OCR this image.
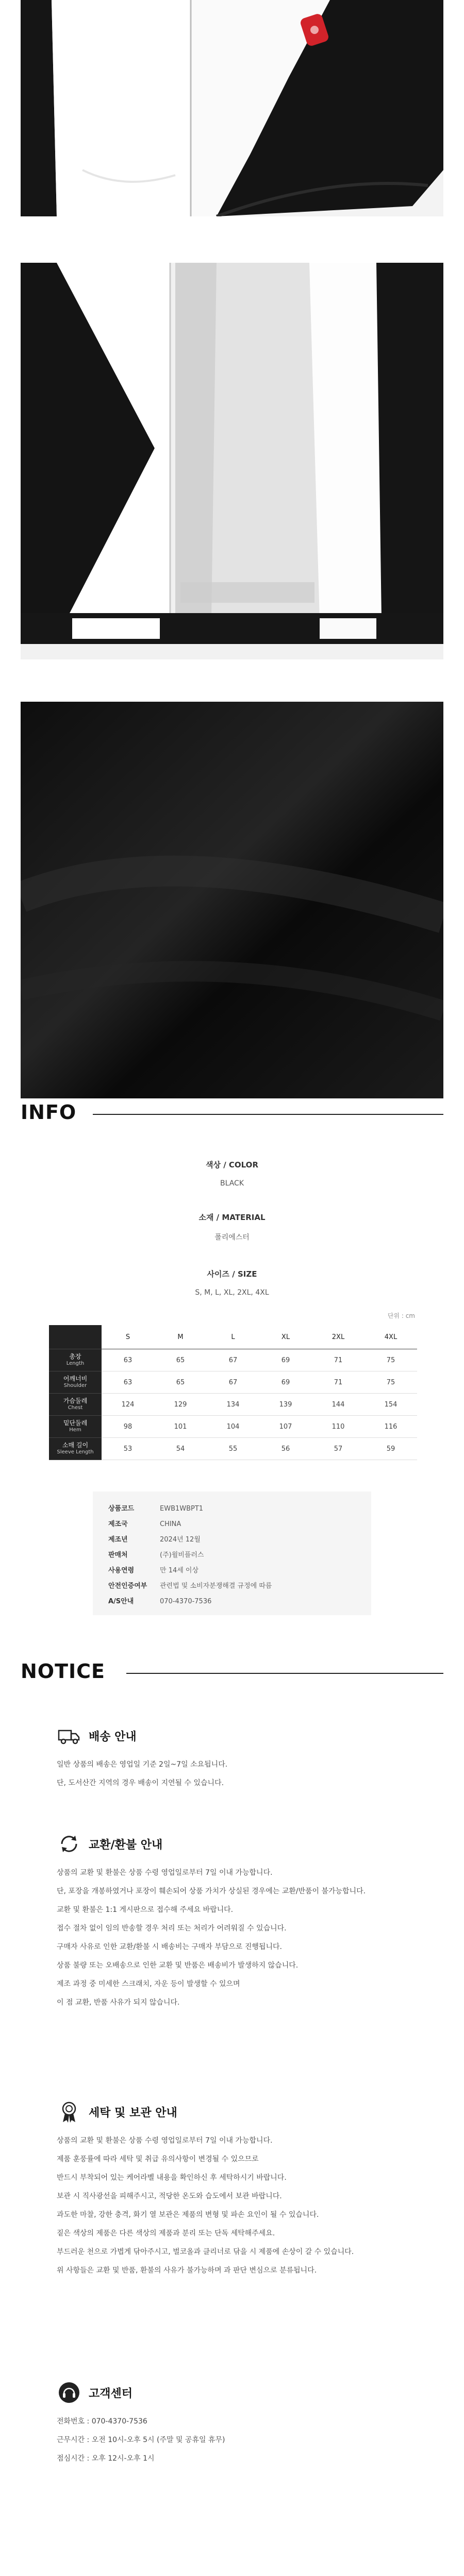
INFO
색상 / COLOR
BLACK
소재 / MATERIAL
폴리에스터
사이즈 / SIZE
S, M, L, XL, 2XL, 4XL
단위 : cm
	S	M	L	XL	2XL	4XL
총장
Length	63	65	67	69	71	75
어깨너비
Shoulder	63	65	67	69	71	75
가슴둘레
Chest	124	129	134	139	144	154
밑단둘레
Hem	98	101	104	107	110	116
소매 길이
Sleeve Length	53	54	55	56	57	59
상품코드	EWB1WBPT1
제조국	CHINA
제조년	2024년 12월
판매처	(주)윌비플러스
사용연령	만 14세 이상
안전인증여부 관련법 및 소비자분쟁해결 규정에 따름
A/S안내	070-4370-7536
NOTICE
배송 안내
일반 상품의 배송은 영업일 기준 2일~7일 소요됩니다.
단, 도서산간 지역의 경우 배송이 지연될 수 있습니다.
교환/환불 안내
상품의 교환 및 환불은 상품 수령 영업일로부터 7일 이내 가능합니다.
단, 포장을 개봉하였거나 포장이 훼손되어 상품 가치가 상실된 경우에는 교환/반품이 불가능합니다.
교환 및 환불은 1:1 게시판으로 접수해 주세요 바랍니다.
접수 절차 없이 임의 반송할 경우 처리 또는 처리가 어려워질 수 있습니다.
구매자 사유로 인한 교환/환불 시 배송비는 구매자 부담으로 진행됩니다.
상품 불량 또는 오배송으로 인한 교환 및 반품은 배송비가 발생하지 않습니다.
제조 과정 중 미세한 스크래치, 자운 등이 발생할 수 있으며
이 점 교환, 반품 사유가 되지 않습니다.
세탁 및 보관 안내
상품의 교환 및 환불은 상품 수령 영업일로부터 7일 이내 가능합니다.
제품 훈풍률에 따라 세탁 및 취급 유의사항이 변경될 수 있으므로
반드시 부착되어 있는 케어라벨 내용을 확인하신 후 세탁하시기 바랍니다.
보관 시 직사광선을 피해주시고, 적당한 온도와 습도에서 보관 바랍니다.
과도한 마찰, 강한 충격, 화기 열 보관은 제품의 변형 및 파손 요인이 될 수 있습니다.
짙은 색상의 제품은 다른 색상의 제품과 분리 또는 단독 세탁해주세요.
부드러운 천으로 가볍게 닦아주시고, 벌코올과 클리너로 닦을 시 제품에 손상이 갈 수 있습니다.
위 사항들은 교환 및 반품, 환불의 사유가 불가능하며 과 판단 변심으로 분류됩니다.
고객센터
전화번호 : 070-4370-7536
근무시간 : 오전 10시-오후 5시 (주말 및 공휴일 휴무)
점심시간 : 오후 12시-오후 1시
